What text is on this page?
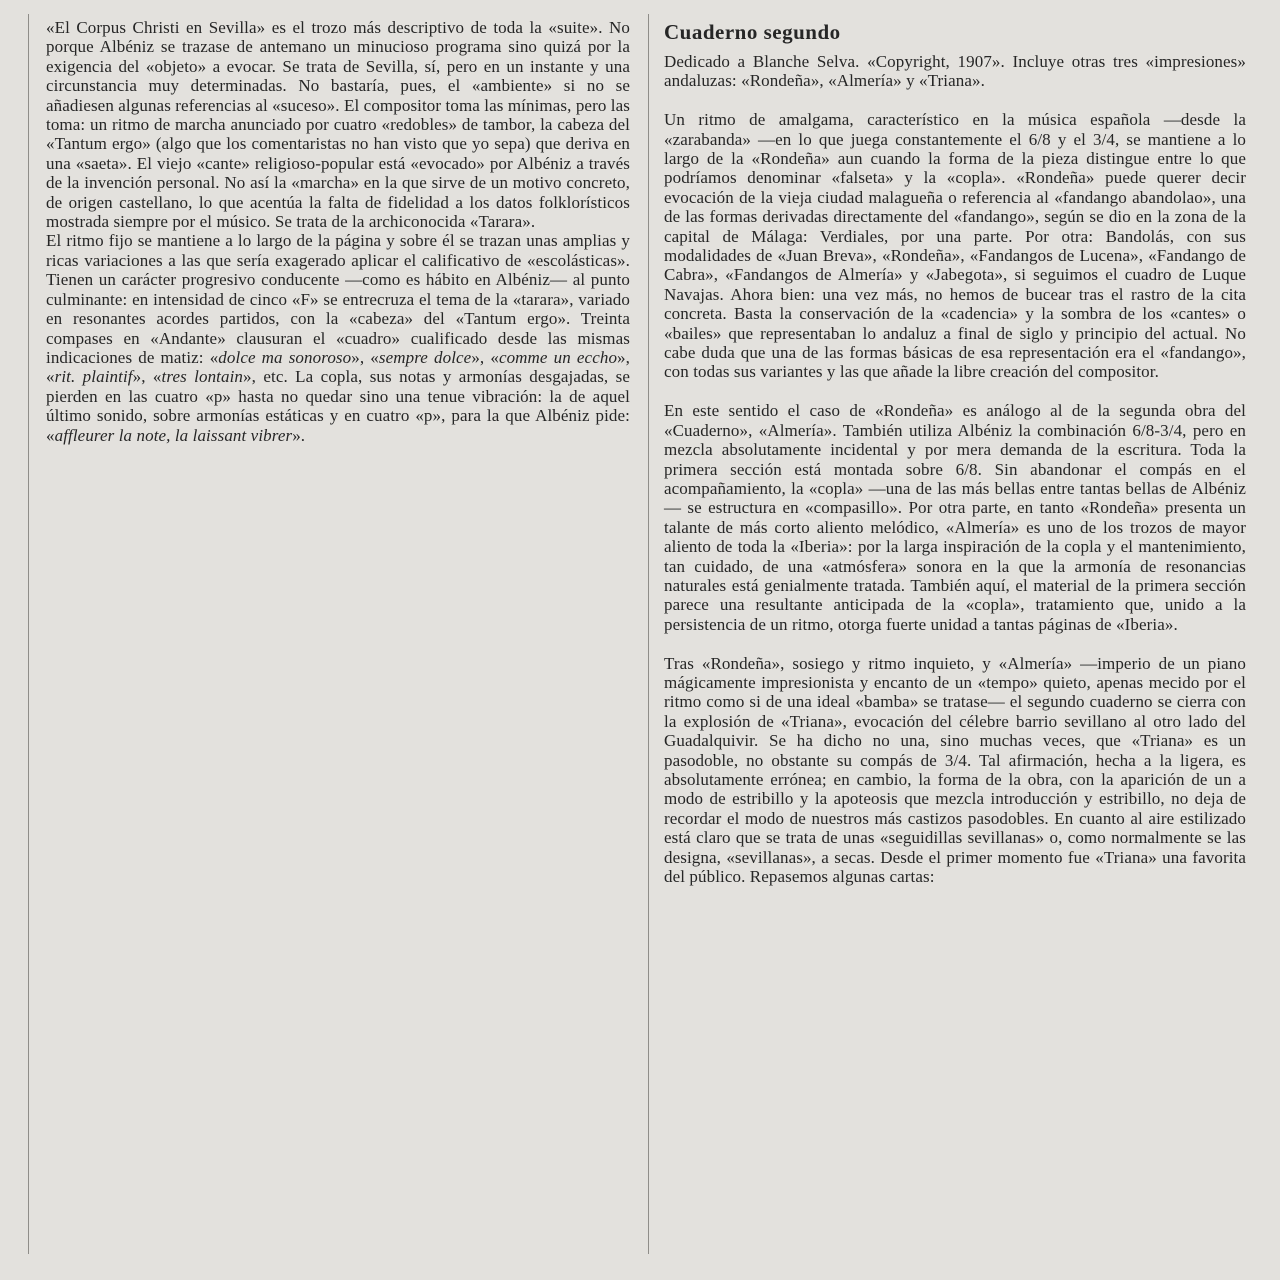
«El Corpus Christi en Sevilla» es el trozo más descriptivo de toda la «suite». No porque Albéniz se trazase de antemano un minucioso programa sino quizá por la exigencia del «objeto» a evocar. Se trata de Sevilla, sí, pero en un instante y una circunstancia muy determinadas. No bastaría, pues, el «ambiente» si no se añadiesen algunas referencias al «suceso». El compositor toma las mínimas, pero las toma: un ritmo de marcha anunciado por cuatro «redobles» de tambor, la cabeza del «Tantum ergo» (algo que los comentaristas no han visto que yo sepa) que deriva en una «saeta». El viejo «cante» religioso-popular está «evocado» por Albéniz a través de la invención personal. No así la «marcha» en la que sirve de un motivo concreto, de origen castellano, lo que acentúa la falta de fidelidad a los datos folklorísticos mostrada siempre por el músico. Se trata de la archiconocida «Tarara».

El ritmo fijo se mantiene a lo largo de la página y sobre él se trazan unas amplias y ricas variaciones a las que sería exagerado aplicar el calificativo de «escolásticas». Tienen un carácter progresivo conducente —como es hábito en Albéniz— al punto culminante: en intensidad de cinco «F» se entrecruza el tema de la «tarara», variado en resonantes acordes partidos, con la «cabeza» del «Tantum ergo». Treinta compases en «Andante» clausuran el «cuadro» cualificado desde las mismas indicaciones de matiz: «dolce ma sonoroso», «sempre dolce», «comme un eccho», «rit. plaintif», «tres lontain», etc. La copla, sus notas y armonías desgajadas, se pierden en las cuatro «p» hasta no quedar sino una tenue vibración: la de aquel último sonido, sobre armonías estáticas y en cuatro «p», para la que Albéniz pide: «affleurer la note, la laissant vibrer».

Cuaderno segundo

Dedicado a Blanche Selva. «Copyright, 1907». Incluye otras tres «impresiones» andaluzas: «Rondeña», «Almería» y «Triana».

Un ritmo de amalgama, característico en la música española —desde la «zarabanda» —en lo que juega constantemente el 6/8 y el 3/4, se mantiene a lo largo de la «Rondeña» aun cuando la forma de la pieza distingue entre lo que podríamos denominar «falseta» y la «copla». «Rondeña» puede querer decir evocación de la vieja ciudad malagueña o referencia al «fandango abandolao», una de las formas derivadas directamente del «fandango», según se dio en la zona de la capital de Málaga: Verdiales, por una parte. Por otra: Bandolás, con sus modalidades de «Juan Breva», «Rondeña», «Fandangos de Lucena», «Fandango de Cabra», «Fandangos de Almería» y «Jabegota», si seguimos el cuadro de Luque Navajas. Ahora bien: una vez más, no hemos de bucear tras el rastro de la cita concreta. Basta la conservación de la «cadencia» y la sombra de los «cantes» o «bailes» que representaban lo andaluz a final de siglo y principio del actual. No cabe duda que una de las formas básicas de esa representación era el «fandango», con todas sus variantes y las que añade la libre creación del compositor.

En este sentido el caso de «Rondeña» es análogo al de la segunda obra del «Cuaderno», «Almería». También utiliza Albéniz la combinación 6/8-3/4, pero en mezcla absolutamente incidental y por mera demanda de la escritura. Toda la primera sección está montada sobre 6/8. Sin abandonar el compás en el acompañamiento, la «copla» —una de las más bellas entre tantas bellas de Albéniz— se estructura en «compasillo». Por otra parte, en tanto «Rondeña» presenta un talante de más corto aliento melódico, «Almería» es uno de los trozos de mayor aliento de toda la «Iberia»: por la larga inspiración de la copla y el mantenimiento, tan cuidado, de una «atmósfera» sonora en la que la armonía de resonancias naturales está genialmente tratada. También aquí, el material de la primera sección parece una resultante anticipada de la «copla», tratamiento que, unido a la persistencia de un ritmo, otorga fuerte unidad a tantas páginas de «Iberia».

Tras «Rondeña», sosiego y ritmo inquieto, y «Almería» —imperio de un piano mágicamente impresionista y encanto de un «tempo» quieto, apenas mecido por el ritmo como si de una ideal «bamba» se tratase— el segundo cuaderno se cierra con la explosión de «Triana», evocación del célebre barrio sevillano al otro lado del Guadalquivir. Se ha dicho no una, sino muchas veces, que «Triana» es un pasodoble, no obstante su compás de 3/4. Tal afirmación, hecha a la ligera, es absolutamente errónea; en cambio, la forma de la obra, con la aparición de un a modo de estribillo y la apoteosis que mezcla introducción y estribillo, no deja de recordar el modo de nuestros más castizos pasodobles. En cuanto al aire estilizado está claro que se trata de unas «seguidillas sevillanas» o, como normalmente se las designa, «sevillanas», a secas. Desde el primer momento fue «Triana» una favorita del público. Repasemos algunas cartas:
